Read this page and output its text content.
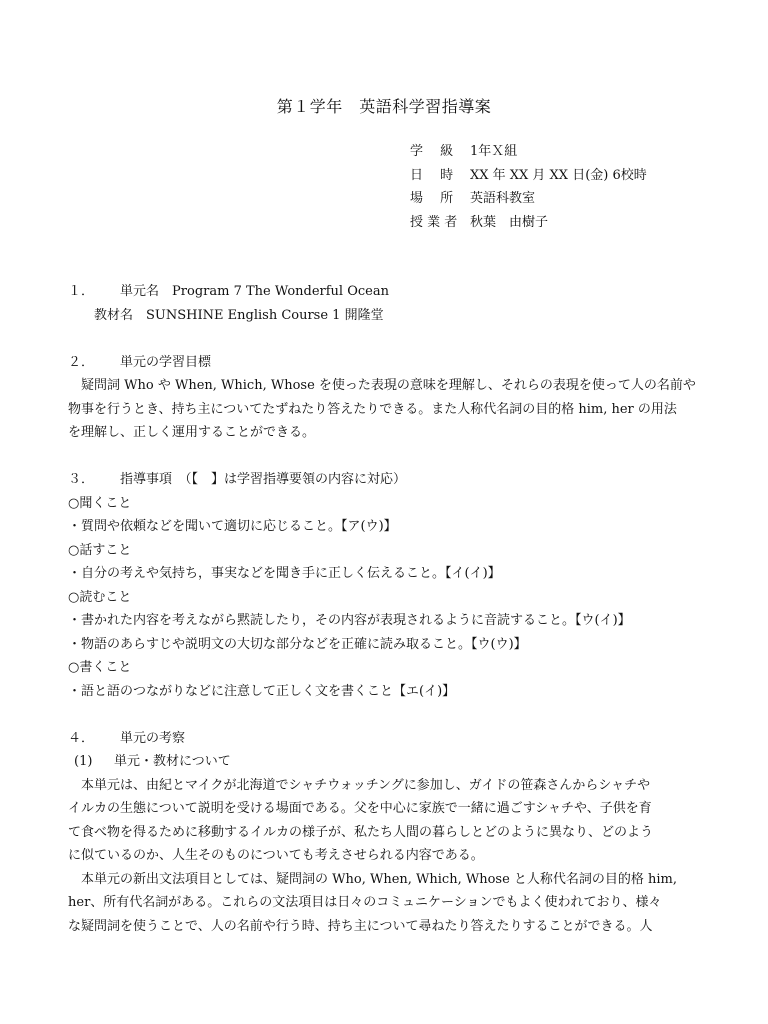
第１学年　英語科学習指導案
学　 級 1年Ｘ組
日　 時 XX 年 XX 月 XX 日(金) 6校時
場　 所 英語科教室
授 業 者 秋葉　由樹子
１． 単元名　 Program 7 The Wonderful Ocean
教材名　 SUNSHINE English Course 1 開隆堂
２． 単元の学習目標
　疑問詞 Who や When, Which, Whose を使った表現の意味を理解し、それらの表現を使って人の名前や
物事を行うとき、持ち主についてたずねたり答えたりできる。また人称代名詞の目的格 him, her の用法
を理解し、正しく運用することができる。
３． 指導事項　（【　】は学習指導要領の内容に対応）
○聞くこと
・質問や依頼などを聞いて適切に応じること。【ア(ウ)】
○話すこと
・自分の考えや気持ち，事実などを聞き手に正しく伝えること。【イ(イ)】
○読むこと
・書かれた内容を考えながら黙読したり，その内容が表現されるように音読すること。【ウ(イ)】
・物語のあらすじや説明文の大切な部分などを正確に読み取ること。【ウ(ウ)】
○書くこと
・語と語のつながりなどに注意して正しく文を書くこと【エ(イ)】
４． 単元の考察
(1) 単元・教材について
　本単元は、由紀とマイクが北海道でシャチウォッチングに参加し、ガイドの笹森さんからシャチや
イルカの生態について説明を受ける場面である。父を中心に家族で一緒に過ごすシャチや、子供を育
て食べ物を得るために移動するイルカの様子が、私たち人間の暮らしとどのように異なり、どのよう
に似ているのか、人生そのものについても考えさせられる内容である。
　本単元の新出文法項目としては、疑問詞の Who, When, Which, Whose と人称代名詞の目的格 him,
her、所有代名詞がある。これらの文法項目は日々のコミュニケーションでもよく使われており、様々
な疑問詞を使うことで、人の名前や行う時、持ち主について尋ねたり答えたりすることができる。人
